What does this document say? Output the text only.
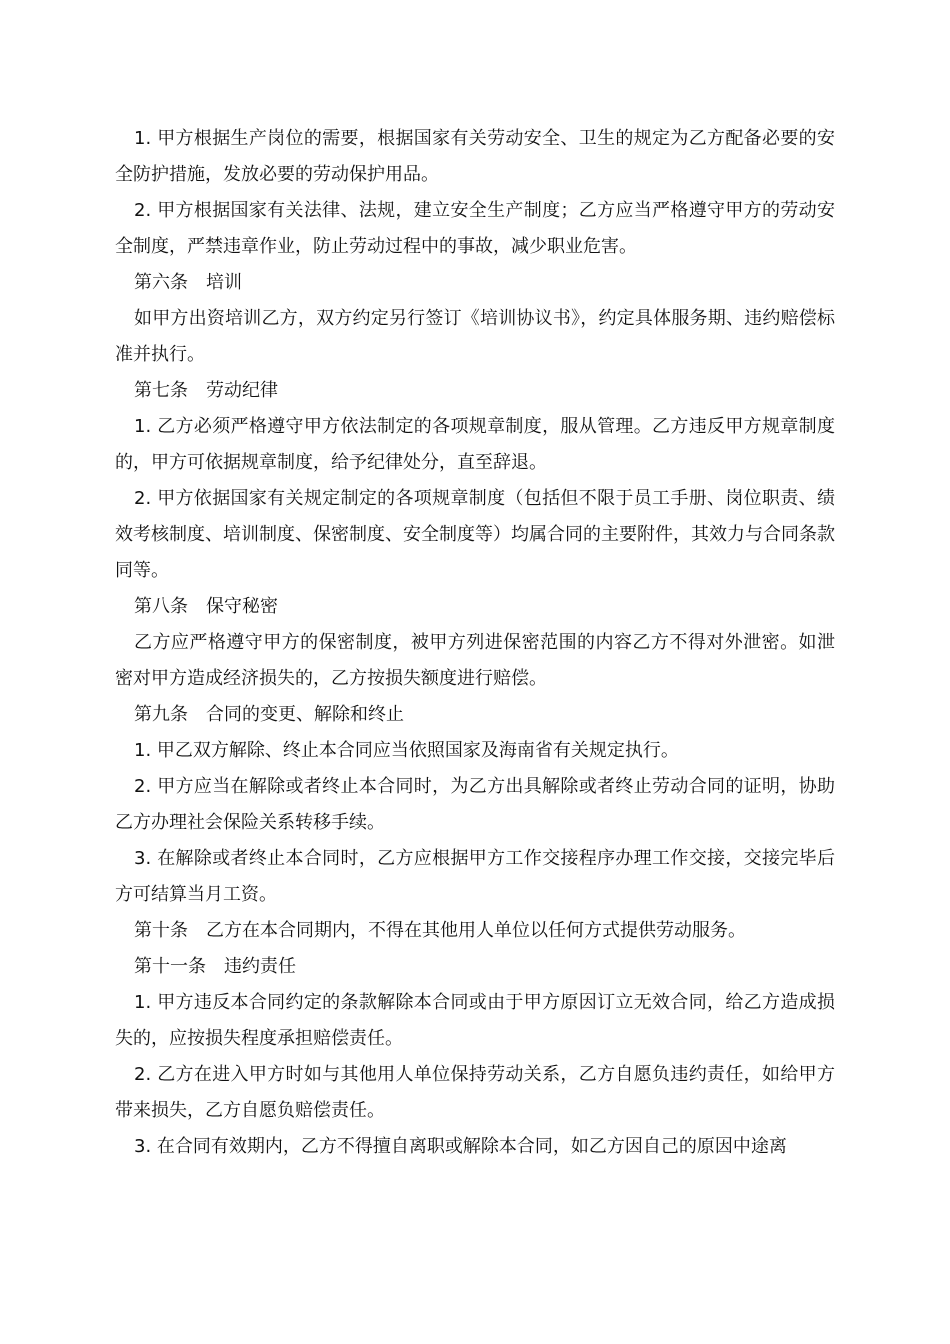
1. 甲方根据生产岗位的需要，根据国家有关劳动安全、卫生的规定为乙方配备必要的安全防护措施，发放必要的劳动保护用品。

2. 甲方根据国家有关法律、法规，建立安全生产制度；乙方应当严格遵守甲方的劳动安全制度，严禁违章作业，防止劳动过程中的事故，减少职业危害。

第六条　培训

如甲方出资培训乙方，双方约定另行签订《培训协议书》，约定具体服务期、违约赔偿标准并执行。

第七条　劳动纪律

1. 乙方必须严格遵守甲方依法制定的各项规章制度，服从管理。乙方违反甲方规章制度的，甲方可依据规章制度，给予纪律处分，直至辞退。

2. 甲方依据国家有关规定制定的各项规章制度（包括但不限于员工手册、岗位职责、绩效考核制度、培训制度、保密制度、安全制度等）均属合同的主要附件，其效力与合同条款同等。

第八条　保守秘密

乙方应严格遵守甲方的保密制度，被甲方列进保密范围的内容乙方不得对外泄密。如泄密对甲方造成经济损失的，乙方按损失额度进行赔偿。

第九条　合同的变更、解除和终止

1. 甲乙双方解除、终止本合同应当依照国家及海南省有关规定执行。

2. 甲方应当在解除或者终止本合同时，为乙方出具解除或者终止劳动合同的证明，协助乙方办理社会保险关系转移手续。

3. 在解除或者终止本合同时，乙方应根据甲方工作交接程序办理工作交接，交接完毕后方可结算当月工资。

第十条　乙方在本合同期内，不得在其他用人单位以任何方式提供劳动服务。

第十一条　违约责任

1. 甲方违反本合同约定的条款解除本合同或由于甲方原因订立无效合同，给乙方造成损失的，应按损失程度承担赔偿责任。

2. 乙方在进入甲方时如与其他用人单位保持劳动关系，乙方自愿负违约责任，如给甲方带来损失，乙方自愿负赔偿责任。

3. 在合同有效期内，乙方不得擅自离职或解除本合同，如乙方因自己的原因中途离
